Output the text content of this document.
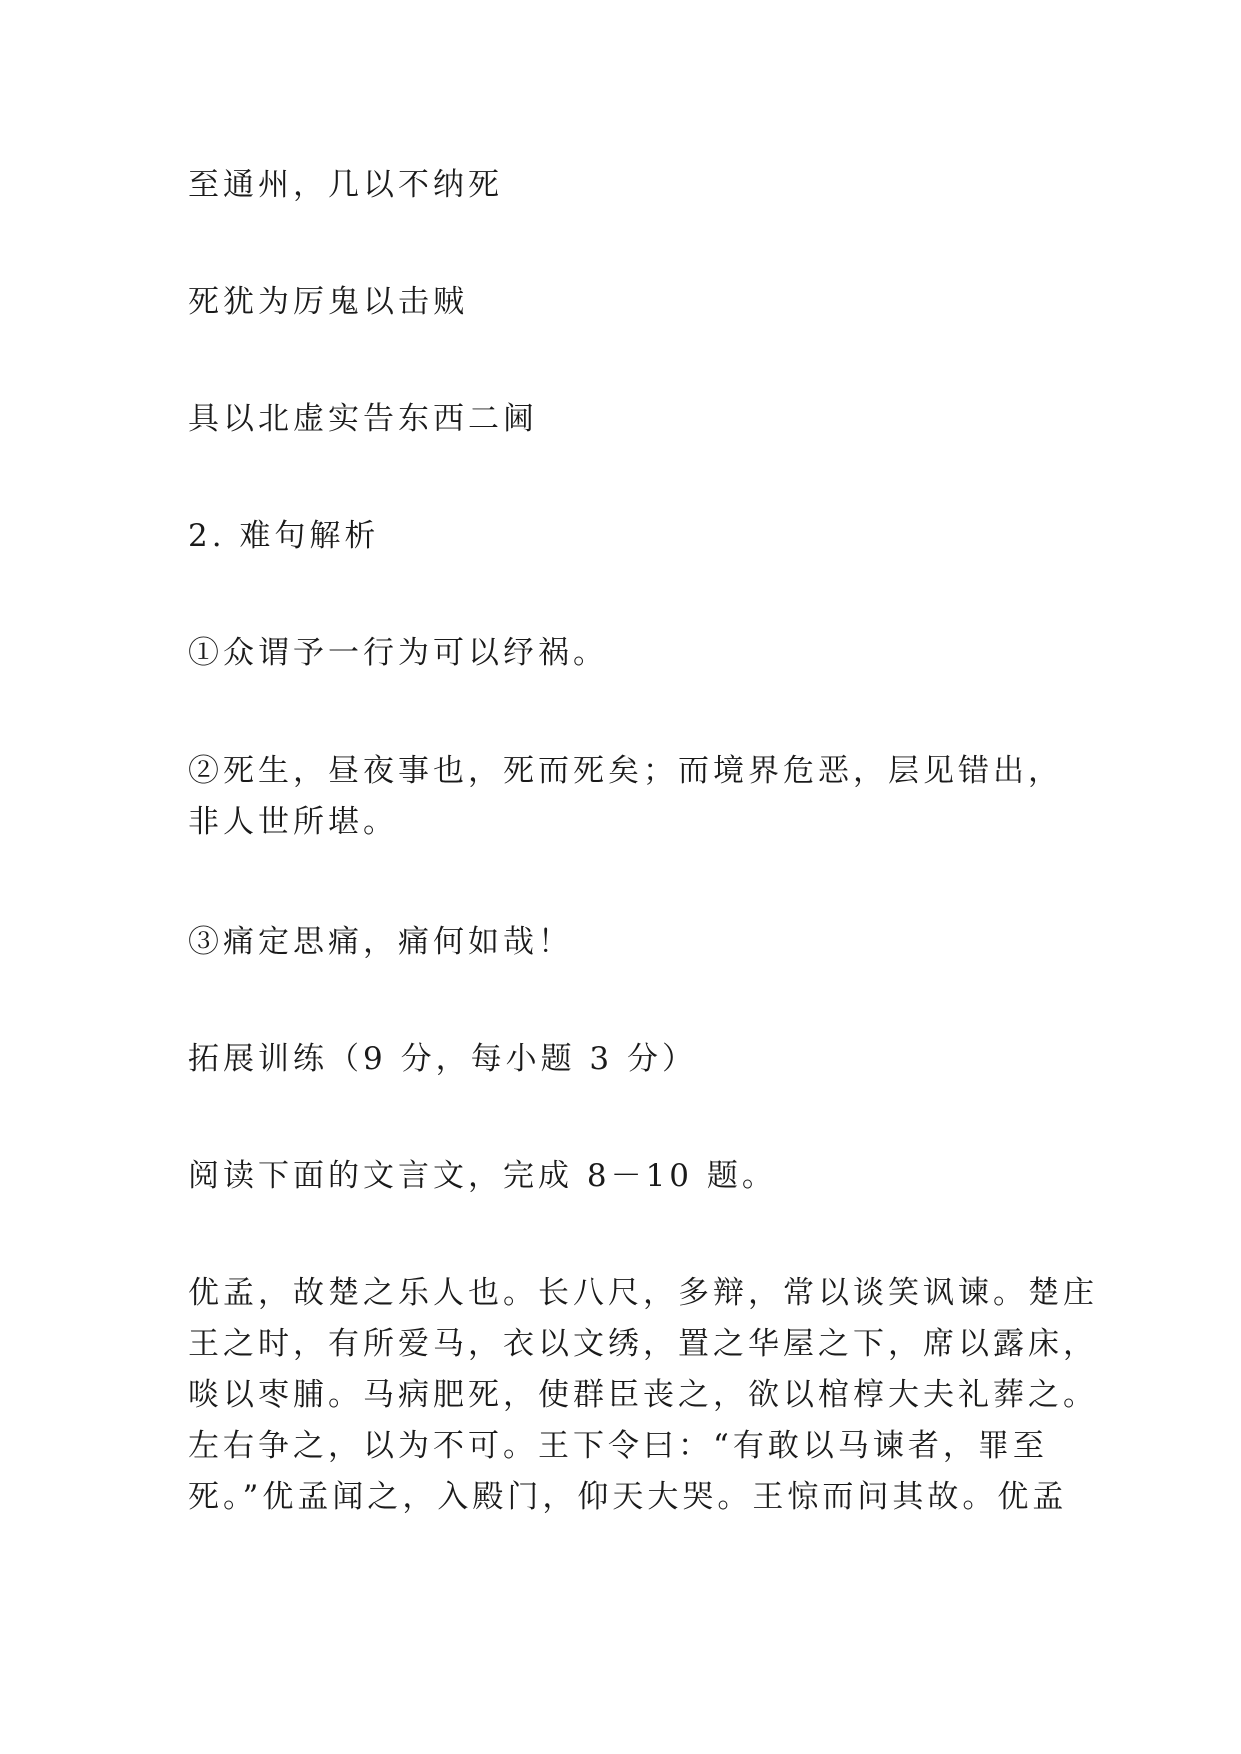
至通州，几以不纳死

死犹为厉鬼以击贼

具以北虚实告东西二阃

2. 难句解析

①众谓予一行为可以纾祸。

②死生，昼夜事也，死而死矣；而境界危恶，层见错出，非人世所堪。

③痛定思痛，痛何如哉！

拓展训练（9 分，每小题 3 分）

阅读下面的文言文，完成 8－10 题。

优孟，故楚之乐人也。长八尺，多辩，常以谈笑讽谏。楚庄
王之时，有所爱马，衣以文绣，置之华屋之下，席以露床，
啖以枣脯。马病肥死，使群臣丧之，欲以棺椁大夫礼葬之。
左右争之，以为不可。王下令曰：“有敢以马谏者，罪至
死。”优孟闻之，入殿门，仰天大哭。王惊而问其故。优孟
